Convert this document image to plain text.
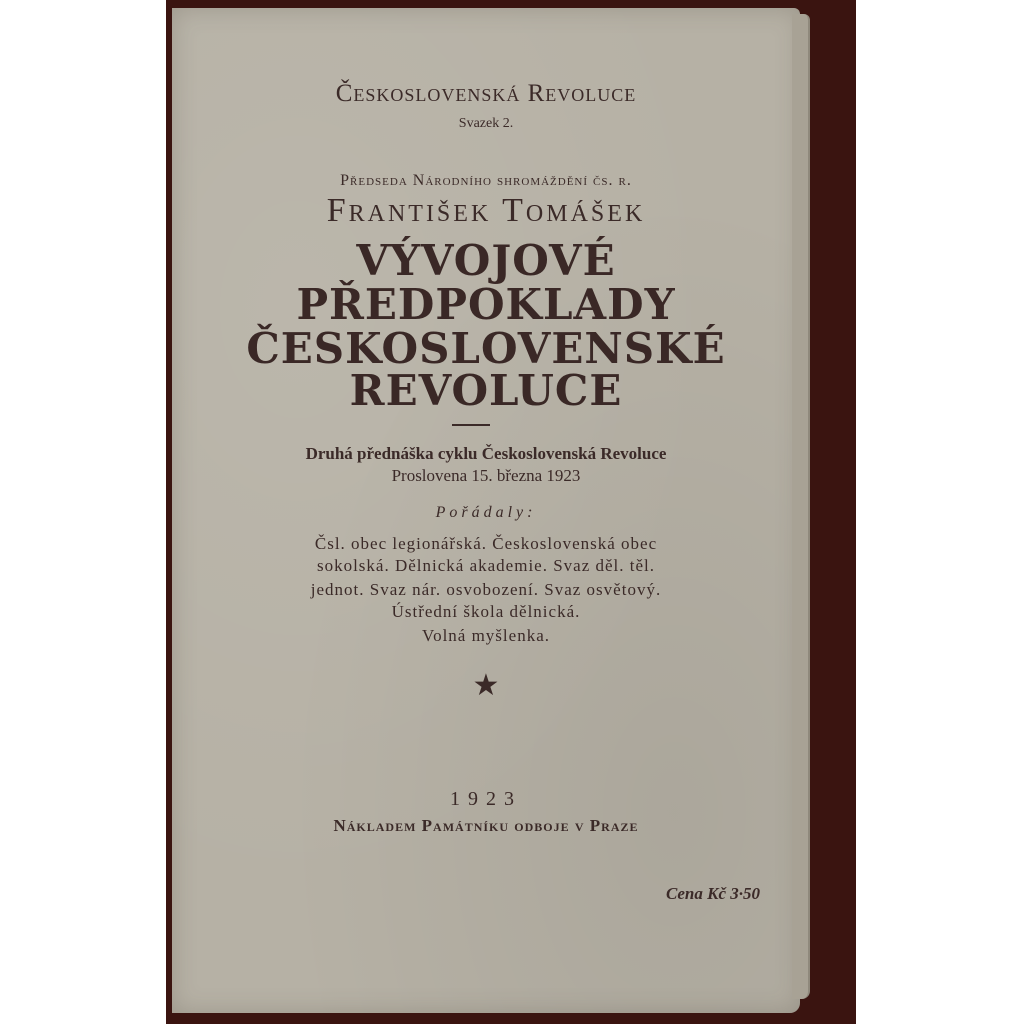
Československá Revoluce
Svazek 2.
Předseda Národního shromáždění čs. r.
František Tomášek
VÝVOJOVÉ
PŘEDPOKLADY
ČESKOSLOVENSKÉ
REVOLUCE
Druhá přednáška cyklu Československá Revoluce
Proslovena 15. března 1923
Pořádaly:
Čsl. obec legionářská. Československá obec
sokolská. Dělnická akademie. Svaz děl. těl.
jednot. Svaz nár. osvobození. Svaz osvětový.
Ústřední škola dělnická.
Volná myšlenka.
★
1923
Nákladem Památníku odboje v Praze
Cena Kč 3·50
